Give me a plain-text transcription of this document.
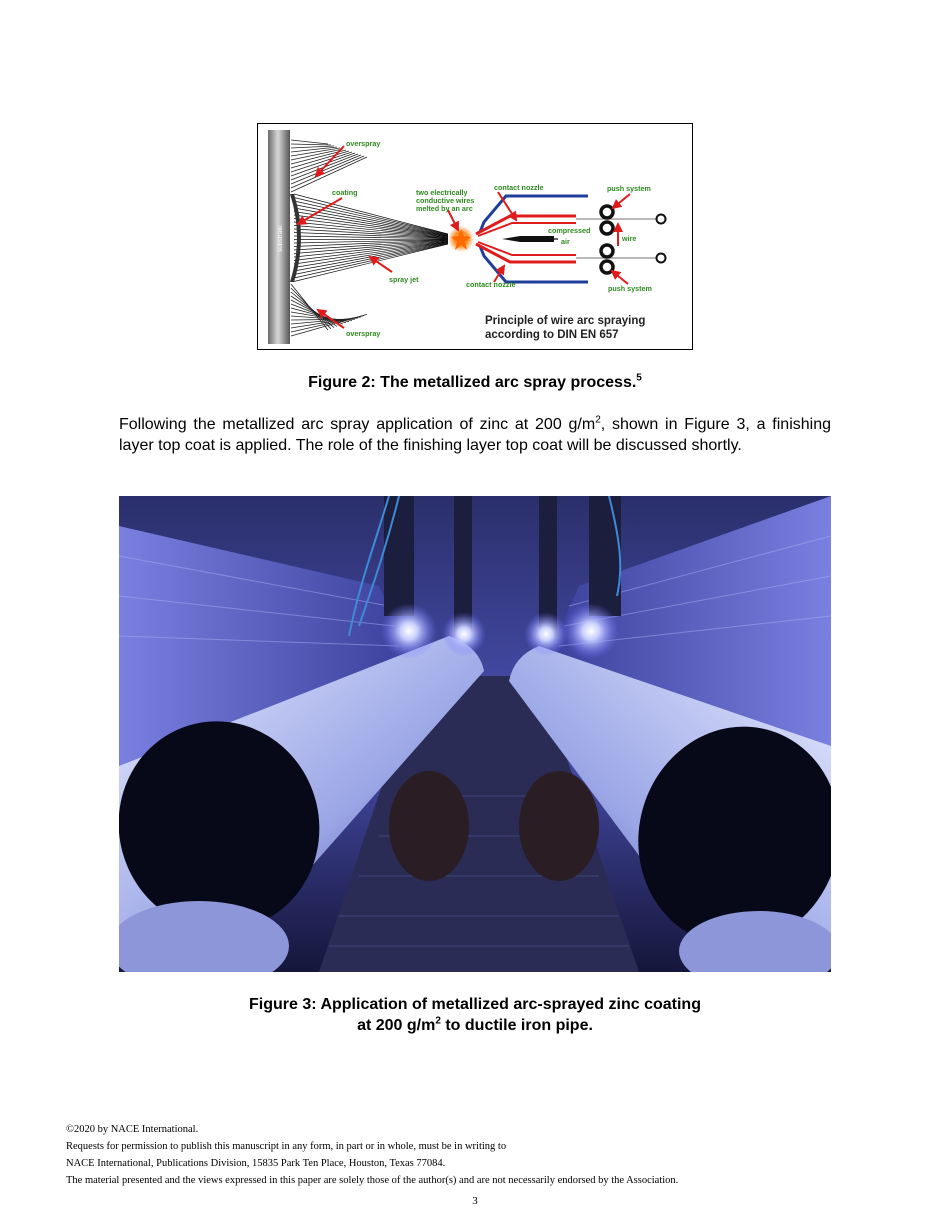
substrate
overspray
coating	two electrically
conductive wires
melted by an arc
contact nozzle	push system
compressed
air	wire
spray jet
contact nozzle	push system
overspray
Principle of wire arc spraying
according to DIN EN 657
Figure 2: The metallized arc spray process.$^5$
Following the metallized arc spray application of zinc at 200 $g/m^2$, shown in Figure 3, a finishing layer top coat is applied. The role of the finishing layer top coat will be discussed shortly.
Figure 3: Application of metallized arc-sprayed zinc coating
at 200 $g/m^2$ to ductile iron pipe.
©2020 by NACE International.
Requests for permission to publish this manuscript in any form, in part or in whole, must be in writing to
NACE International, Publications Division, 15835 Park Ten Place, Houston, Texas 77084.
The material presented and the views expressed in this paper are solely those of the author(s) and are not necessarily endorsed by the Association.
3
